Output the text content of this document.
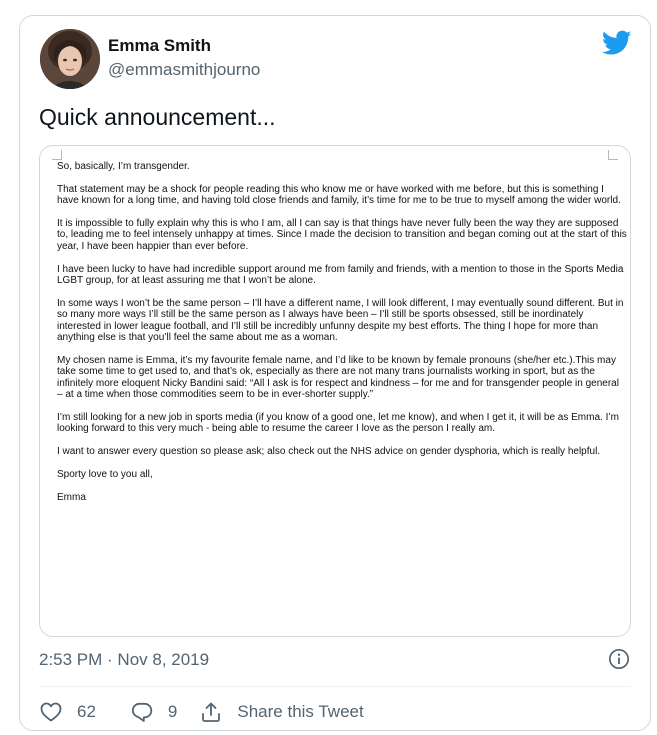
Emma Smith
@emmasmithjourno
Quick announcement...

So, basically, I’m transgender.

That statement may be a shock for people reading this who know me or have worked with me before, but this is something I have known for a long time, and having told close friends and family, it’s time for me to be true to myself among the wider world.

It is impossible to fully explain why this is who I am, all I can say is that things have never fully been the way they are supposed to, leading me to feel intensely unhappy at times. Since I made the decision to transition and began coming out at the start of this year, I have been happier than ever before.

I have been lucky to have had incredible support around me from family and friends, with a mention to those in the Sports Media LGBT group, for at least assuring me that I won’t be alone.

In some ways I won’t be the same person – I’ll have a different name, I will look different, I may eventually sound different. But in so many more ways I’ll still be the same person as I always have been – I’ll still be sports obsessed, still be inordinately interested in lower league football, and I’ll still be incredibly unfunny despite my best efforts. The thing I hope for more than anything else is that you’ll feel the same about me as a woman.

My chosen name is Emma, it’s my favourite female name, and I’d like to be known by female pronouns (she/her etc.).This may take some time to get used to, and that’s ok, especially as there are not many trans journalists working in sport, but as the infinitely more eloquent Nicky Bandini said: “All I ask is for respect and kindness – for me and for transgender people in general – at a time when those commodities seem to be in ever-shorter supply.”

I’m still looking for a new job in sports media (if you know of a good one, let me know), and when I get it, it will be as Emma. I’m looking forward to this very much - being able to resume the career I love as the person I really am.

I want to answer every question so please ask; also check out the NHS advice on gender dysphoria, which is really helpful.

Sporty love to you all,

Emma

2:53 PM · Nov 8, 2019
62	9	Share this Tweet
